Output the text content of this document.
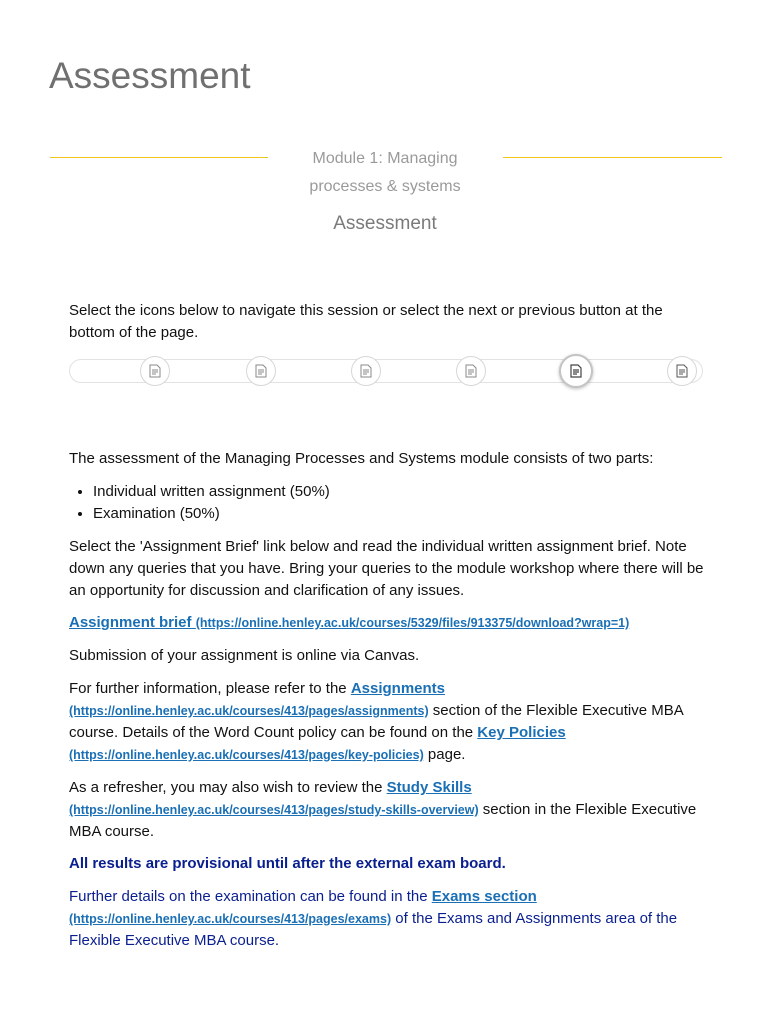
Assessment
Module 1: Managing
processes & systems
Assessment

Select the icons below to navigate this session or select the next or previous button at the bottom of the page.

The assessment of the Managing Processes and Systems module consists of two parts:

• Individual written assignment (50%)
• Examination (50%)

Select the 'Assignment Brief' link below and read the individual written assignment brief. Note down any queries that you have. Bring your queries to the module workshop where there will be an opportunity for discussion and clarification of any issues.

Assignment brief (https://online.henley.ac.uk/courses/5329/files/913375/download?wrap=1)

Submission of your assignment is online via Canvas.

For further information, please refer to the Assignments
(https://online.henley.ac.uk/courses/413/pages/assignments) section of the Flexible Executive MBA course. Details of the Word Count policy can be found on the Key Policies
(https://online.henley.ac.uk/courses/413/pages/key-policies) page.

As a refresher, you may also wish to review the Study Skills
(https://online.henley.ac.uk/courses/413/pages/study-skills-overview) section in the Flexible Executive MBA course.

All results are provisional until after the external exam board.

Further details on the examination can be found in the Exams section
(https://online.henley.ac.uk/courses/413/pages/exams) of the Exams and Assignments area of the Flexible Executive MBA course.
